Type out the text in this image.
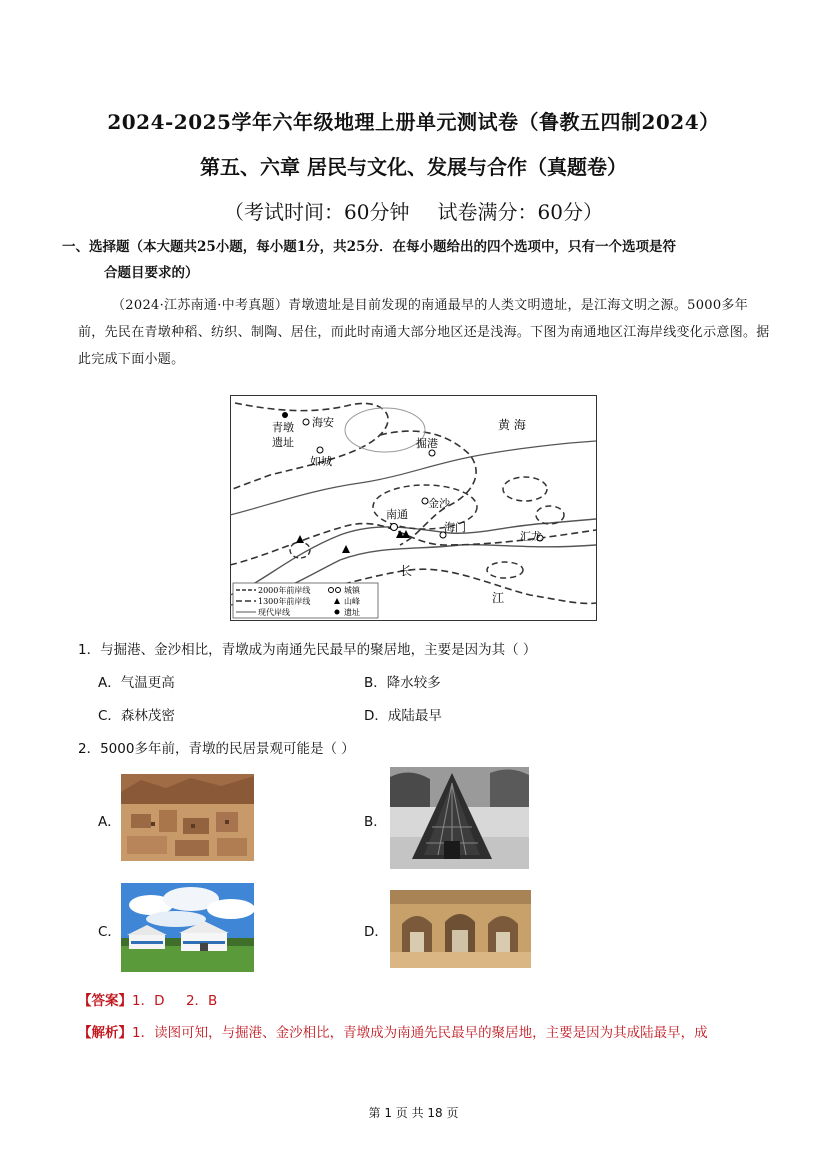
2024-2025学年六年级地理上册单元测试卷（鲁教五四制2024）
第五、六章 居民与文化、发展与合作（真题卷）
（考试时间：60分钟 试卷满分：60分）
一、选择题（本大题共25小题，每小题1分，共25分．在每小题给出的四个选项中，只有一个选项是符
合题目要求的）
（2024·江苏南通·中考真题）青墩遗址是目前发现的南通最早的人类文明遗址，是江海文明之源。5000多年前，先民在青墩种稻、纺织、制陶、居住，而此时南通大部分地区还是浅海。下图为南通地区江海岸线变化示意图。据此完成下面小题。
青墩
遗址
海安
如城
掘港
黄 海
金沙
南通
海门
汇龙
长
江
2000年前岸线
1300年前岸线
现代岸线
城镇
山峰
遗址
1．与掘港、金沙相比，青墩成为南通先民最早的聚居地，主要是因为其（ ）
A．气温更高	B．降水较多
C．森林茂密	D．成陆最早
2．5000多年前，青墩的民居景观可能是（ ）
A．	B．
C．	D．
【答案】1．D     2．B
【解析】1．读图可知，与掘港、金沙相比，青墩成为南通先民最早的聚居地，主要是因为其成陆最早，成
第 1 页 共 18 页
